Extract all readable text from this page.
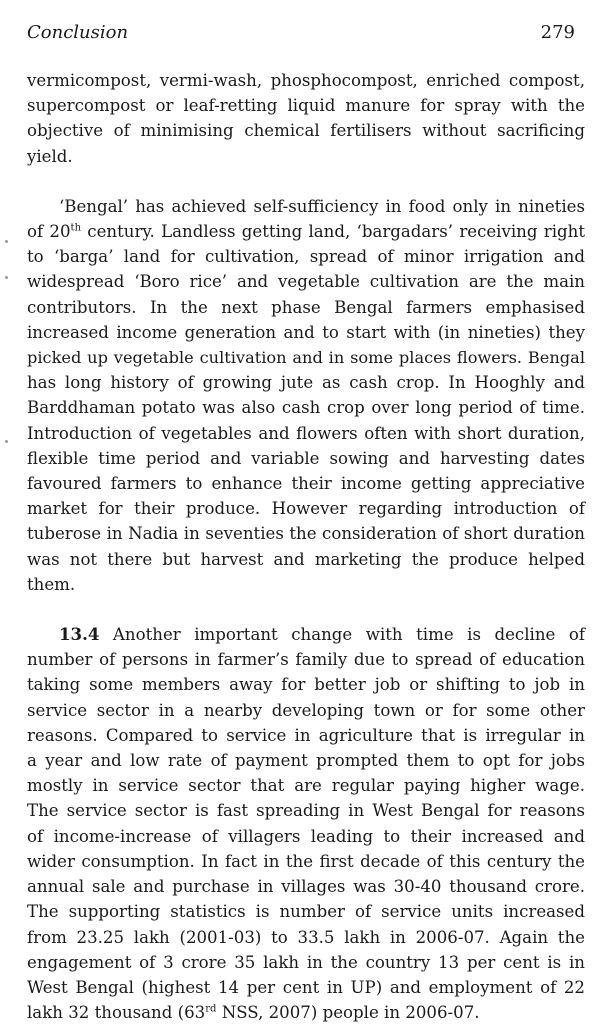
Conclusion	279
vermicompost, vermi-wash, phosphocompost, enriched compost,
supercompost or leaf-retting liquid manure for spray with the
objective of minimising chemical fertilisers without sacrificing
yield.
‘Bengal’ has achieved self-sufficiency in food only in nineties
of 20th century. Landless getting land, ‘bargadars’ receiving right
to ‘barga’ land for cultivation, spread of minor irrigation and
widespread ‘Boro rice’ and vegetable cultivation are the main
contributors. In the next phase Bengal farmers emphasised
increased income generation and to start with (in nineties) they
picked up vegetable cultivation and in some places flowers. Bengal
has long history of growing jute as cash crop. In Hooghly and
Barddhaman potato was also cash crop over long period of time.
Introduction of vegetables and flowers often with short duration,
flexible time period and variable sowing and harvesting dates
favoured farmers to enhance their income getting appreciative
market for their produce. However regarding introduction of
tuberose in Nadia in seventies the consideration of short duration
was not there but harvest and marketing the produce helped
them.
13.4 Another important change with time is decline of
number of persons in farmer’s family due to spread of education
taking some members away for better job or shifting to job in
service sector in a nearby developing town or for some other
reasons. Compared to service in agriculture that is irregular in
a year and low rate of payment prompted them to opt for jobs
mostly in service sector that are regular paying higher wage.
The service sector is fast spreading in West Bengal for reasons
of income-increase of villagers leading to their increased and
wider consumption. In fact in the first decade of this century the
annual sale and purchase in villages was 30-40 thousand crore.
The supporting statistics is number of service units increased
from 23.25 lakh (2001-03) to 33.5 lakh in 2006-07. Again the
engagement of 3 crore 35 lakh in the country 13 per cent is in
West Bengal (highest 14 per cent in UP) and employment of 22
lakh 32 thousand (63rd NSS, 2007) people in 2006-07.
